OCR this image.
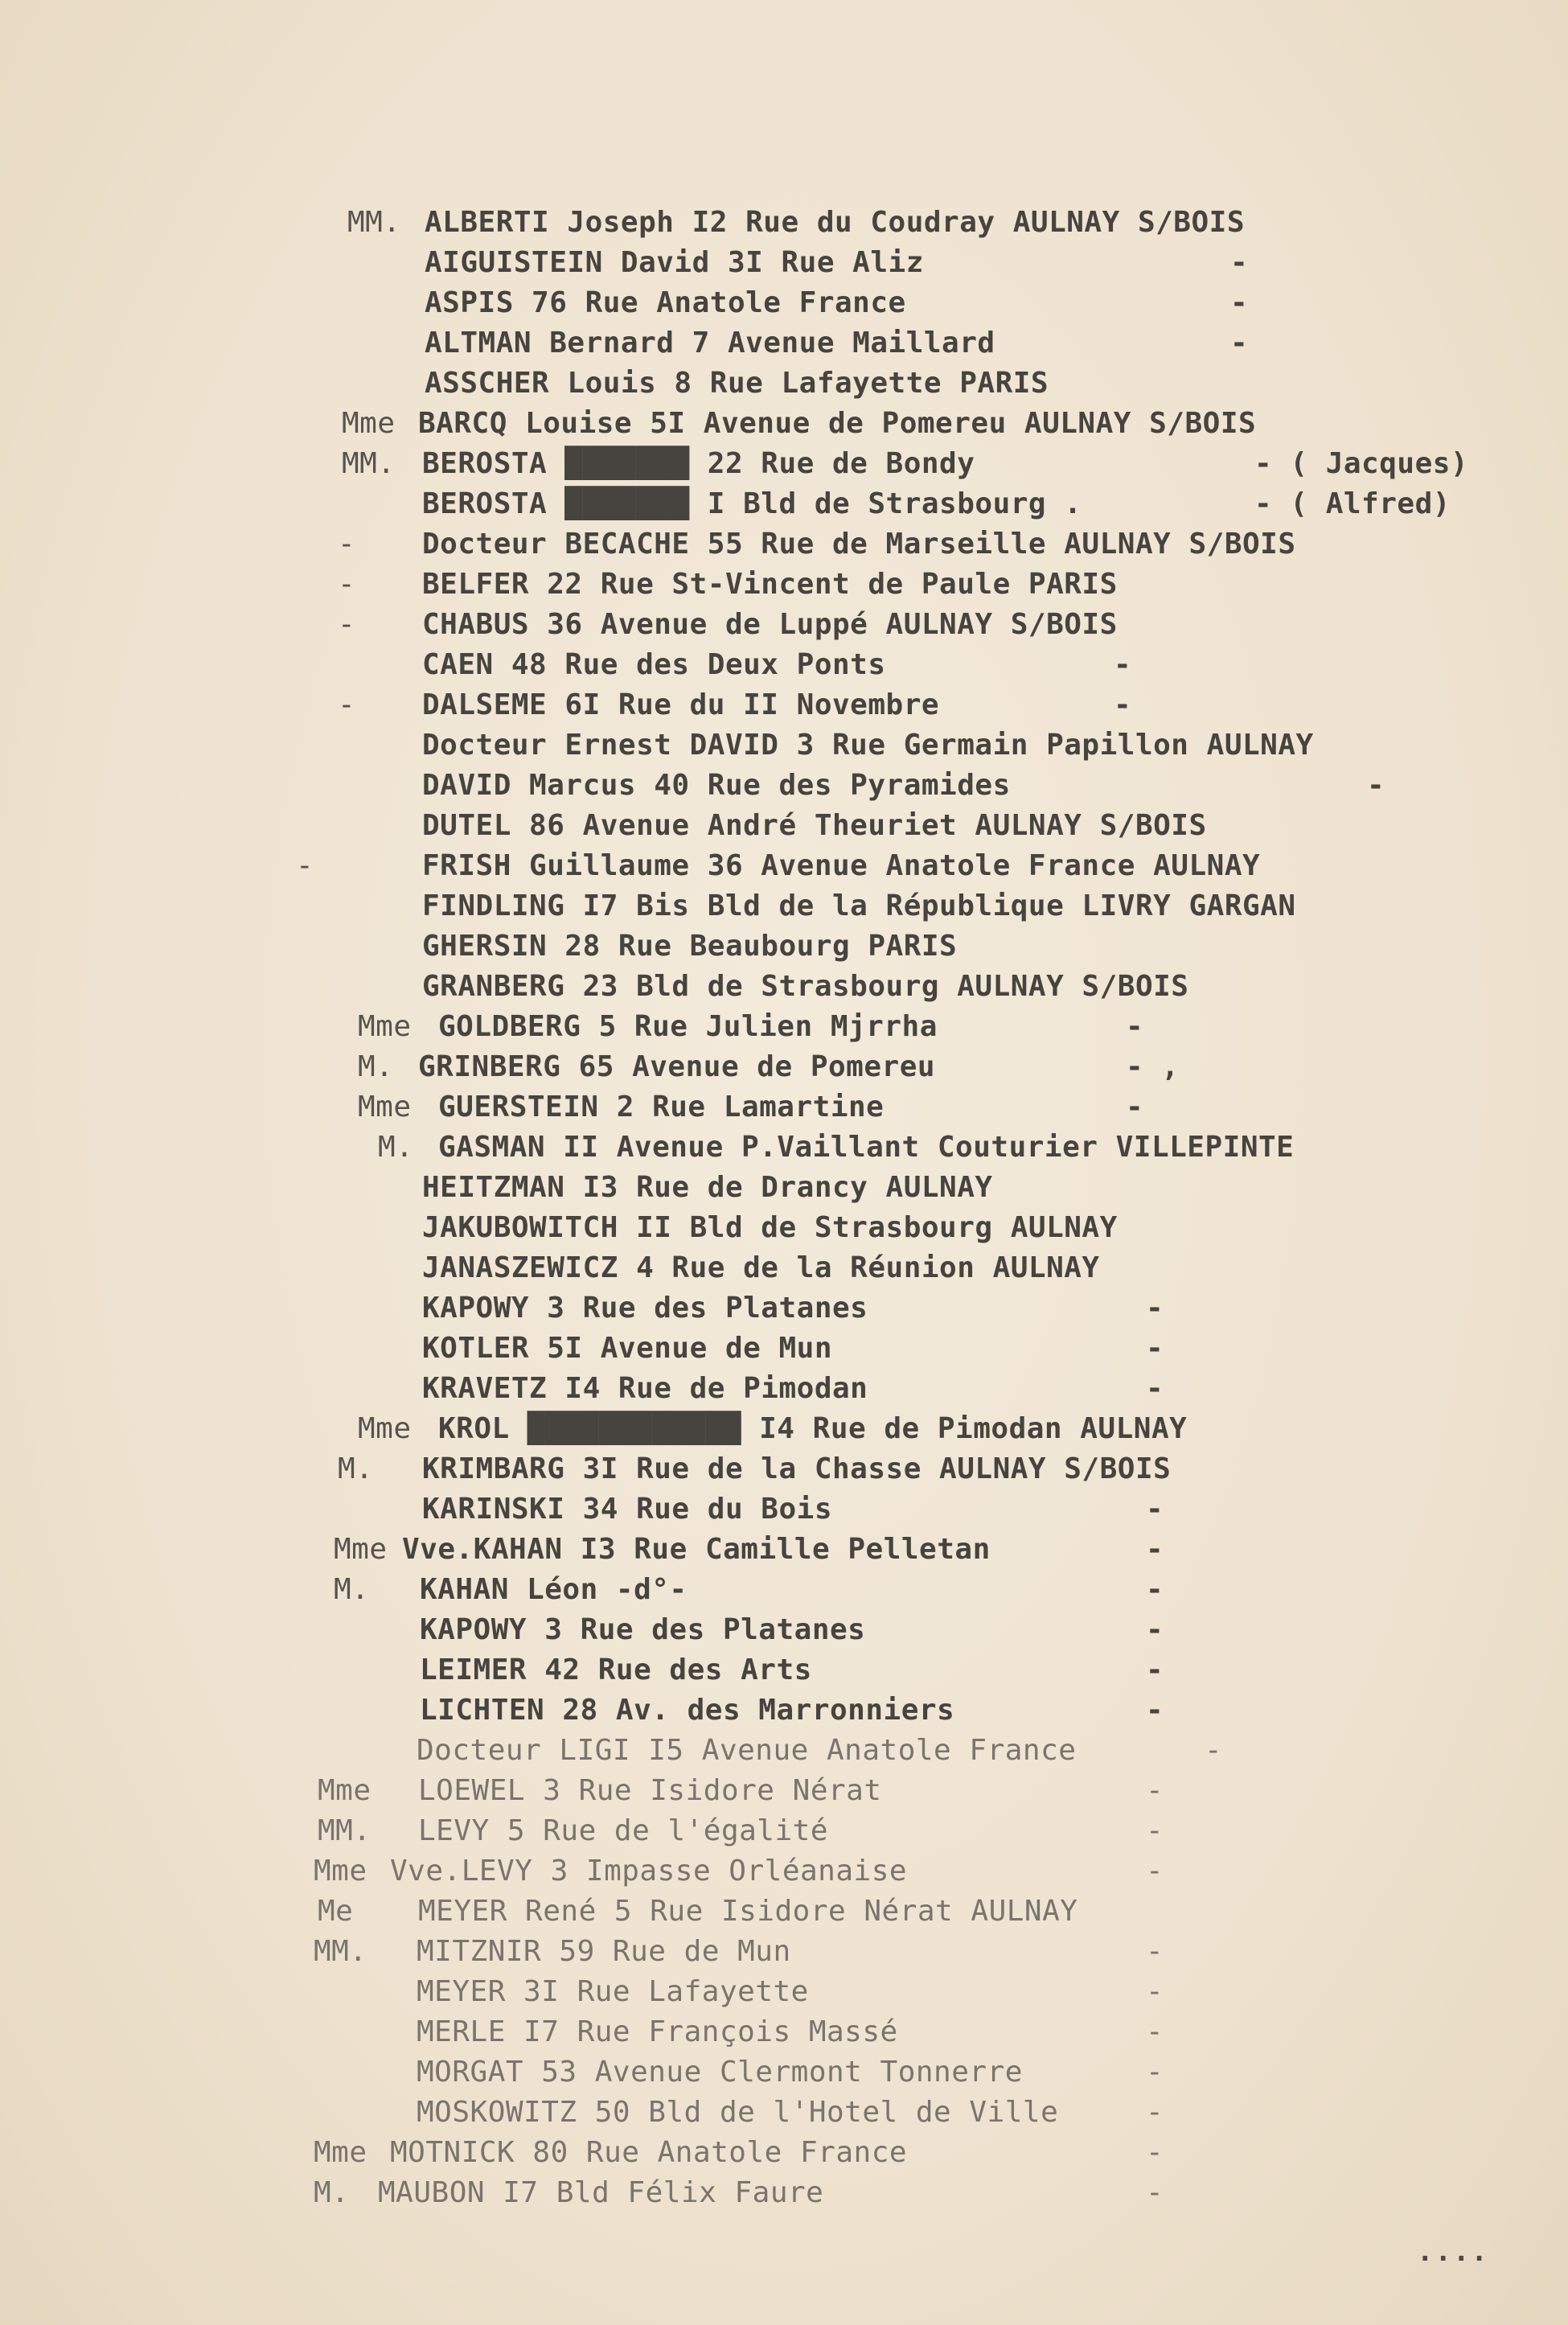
MM. ALBERTI Joseph I2 Rue du Coudray AULNAY S/BOIS
AIGUISTEIN David 3I Rue Aliz	-
ASPIS 76 Rue Anatole France	-
ALTMAN Bernard 7 Avenue Maillard	-
ASSCHER Louis 8 Rue Lafayette PARIS
Mme BARCQ Louise 5I Avenue de Pomereu AULNAY S/BOIS
MM. BEROSTA ███████ 22 Rue de Bondy	- ( Jacques)
BEROSTA ███████ I Bld de Strasbourg .	- ( Alfred)
- Docteur BECACHE 55 Rue de Marseille AULNAY S/BOIS
- BELFER 22 Rue St-Vincent de Paule PARIS
- CHABUS 36 Avenue de Luppé AULNAY S/BOIS
CAEN 48 Rue des Deux Ponts	-
- DALSEME 6I Rue du II Novembre	-
Docteur Ernest DAVID 3 Rue Germain Papillon AULNAY
DAVID Marcus 40 Rue des Pyramides	-
DUTEL 86 Avenue André Theuriet AULNAY S/BOIS
-	FRISH Guillaume 36 Avenue Anatole France AULNAY
FINDLING I7 Bis Bld de la République LIVRY GARGAN
GHERSIN 28 Rue Beaubourg PARIS
GRANBERG 23 Bld de Strasbourg AULNAY S/BOIS
Mme GOLDBERG 5 Rue Julien Mjrrha	-
M. GRINBERG 65 Avenue de Pomereu	- ,
Mme GUERSTEIN 2 Rue Lamartine	-
M. GASMAN II Avenue P.Vaillant Couturier VILLEPINTE
HEITZMAN I3 Rue de Drancy AULNAY
JAKUBOWITCH II Bld de Strasbourg AULNAY
JANASZEWICZ 4 Rue de la Réunion AULNAY
KAPOWY 3 Rue des Platanes	-
KOTLER 5I Avenue de Mun	-
KRAVETZ I4 Rue de Pimodan	-
Mme KROL ████████████ I4 Rue de Pimodan AULNAY
M. KRIMBARG 3I Rue de la Chasse AULNAY S/BOIS
KARINSKI 34 Rue du Bois	-
Mme Vve.KAHAN I3 Rue Camille Pelletan	-
M. KAHAN Léon -d°-	-
KAPOWY 3 Rue des Platanes	-
LEIMER 42 Rue des Arts	-
LICHTEN 28 Av. des Marronniers	-
Docteur LIGI I5 Avenue Anatole France	-
Mme LOEWEL 3 Rue Isidore Nérat	-
MM. LEVY 5 Rue de l'égalité	-
Mme Vve.LEVY 3 Impasse Orléanaise	-
Me MEYER René 5 Rue Isidore Nérat AULNAY
MM. MITZNIR 59 Rue de Mun	-
MEYER 3I Rue Lafayette	-
MERLE I7 Rue François Massé	-
MORGAT 53 Avenue Clermont Tonnerre	-
MOSKOWITZ 50 Bld de l'Hotel de Ville	-
Mme MOTNICK 80 Rue Anatole France	-
M. MAUBON I7 Bld Félix Faure	-
....
